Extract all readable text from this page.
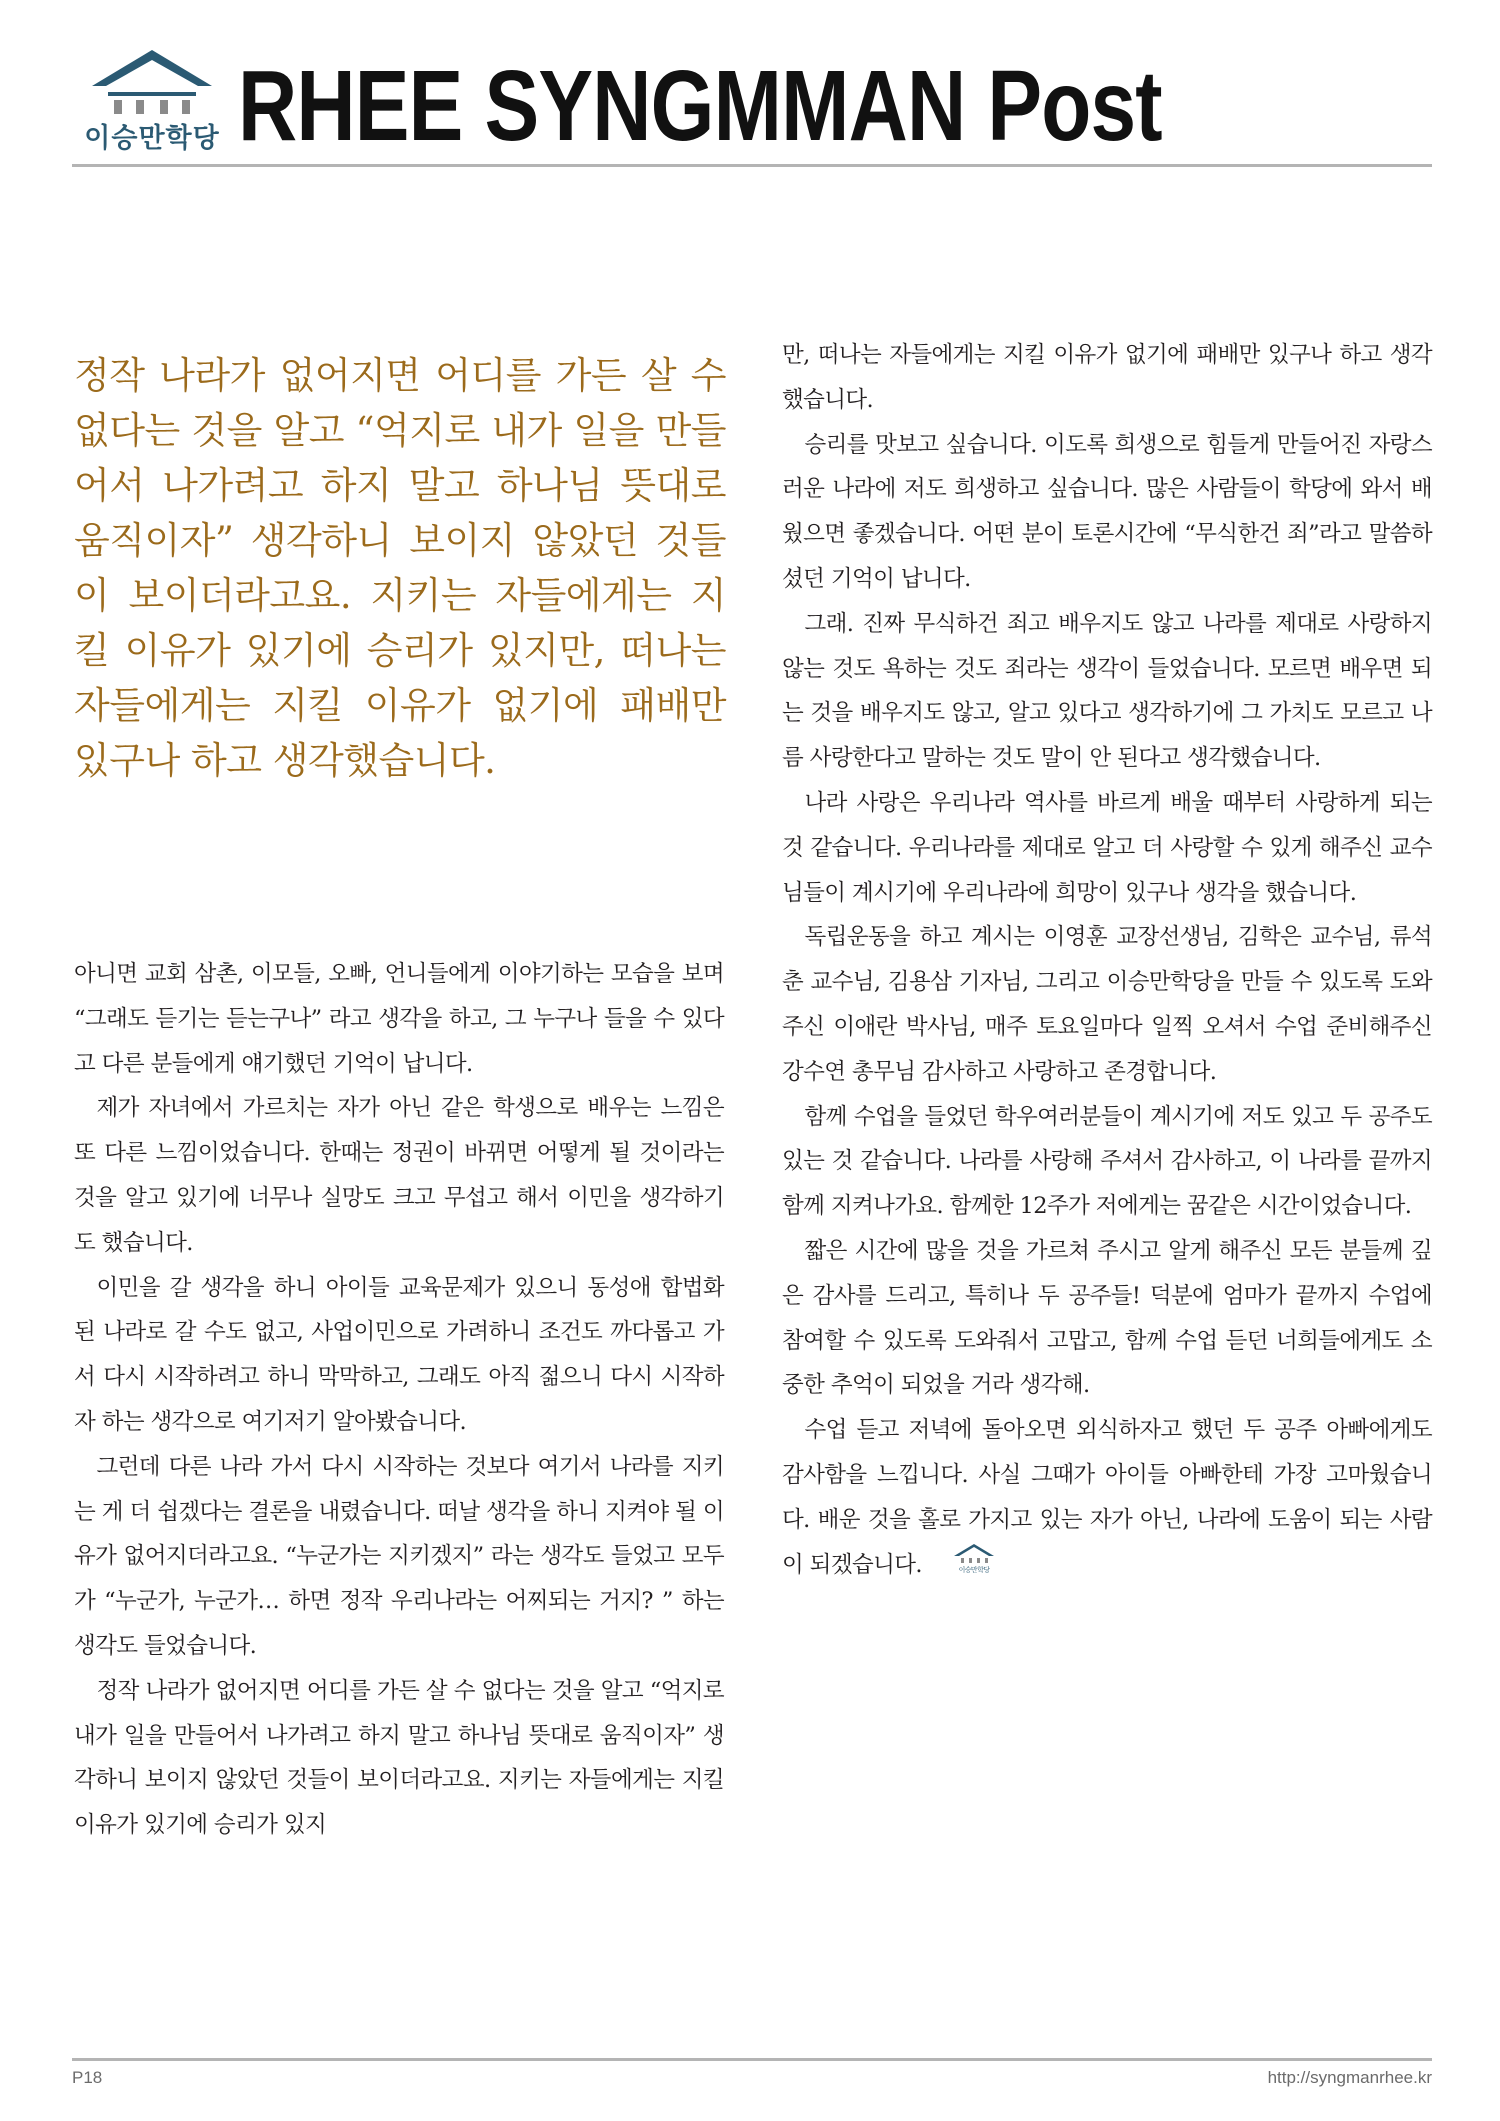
이승만학당 RHEE SYNGMMAN Post
정작 나라가 없어지면 어디를 가든 살 수 없다는 것을 알고 “억지로 내가 일을 만들어서 나가려고 하지 말고 하나님 뜻대로 움직이자” 생각하니 보이지 않았던 것들이 보이더라고요. 지키는 자들에게는 지킬 이유가 있기에 승리가 있지만, 떠나는 자들에게는 지킬 이유가 없기에 패배만 있구나 하고 생각했습니다.

아니면 교회 삼촌, 이모들, 오빠, 언니들에게 이야기하는 모습을 보며 “그래도 듣기는 듣는구나” 라고 생각을 하고, 그 누구나 들을 수 있다고 다른 분들에게 얘기했던 기억이 납니다.

제가 자녀에서 가르치는 자가 아닌 같은 학생으로 배우는 느낌은 또 다른 느낌이었습니다. 한때는 정권이 바뀌면 어떻게 될 것이라는 것을 알고 있기에 너무나 실망도 크고 무섭고 해서 이민을 생각하기도 했습니다.

이민을 갈 생각을 하니 아이들 교육문제가 있으니 동성애 합법화 된 나라로 갈 수도 없고, 사업이민으로 가려하니 조건도 까다롭고 가서 다시 시작하려고 하니 막막하고, 그래도 아직 젊으니 다시 시작하자 하는 생각으로 여기저기 알아봤습니다.

그런데 다른 나라 가서 다시 시작하는 것보다 여기서 나라를 지키는 게 더 쉽겠다는 결론을 내렸습니다. 떠날 생각을 하니 지켜야 될 이유가 없어지더라고요. “누군가는 지키겠지” 라는 생각도 들었고 모두가 “누군가, 누군가… 하면 정작 우리나라는 어찌되는 거지? ” 하는 생각도 들었습니다.

정작 나라가 없어지면 어디를 가든 살 수 없다는 것을 알고 “억지로 내가 일을 만들어서 나가려고 하지 말고 하나님 뜻대로 움직이자” 생각하니 보이지 않았던 것들이 보이더라고요. 지키는 자들에게는 지킬 이유가 있기에 승리가 있지

만, 떠나는 자들에게는 지킬 이유가 없기에 패배만 있구나 하고 생각했습니다.

승리를 맛보고 싶습니다. 이도록 희생으로 힘들게 만들어진 자랑스러운 나라에 저도 희생하고 싶습니다. 많은 사람들이 학당에 와서 배웠으면 좋겠습니다. 어떤 분이 토론시간에 “무식한건 죄”라고 말씀하셨던 기억이 납니다.

그래. 진짜 무식하건 죄고 배우지도 않고 나라를 제대로 사랑하지 않는 것도 욕하는 것도 죄라는 생각이 들었습니다. 모르면 배우면 되는 것을 배우지도 않고, 알고 있다고 생각하기에 그 가치도 모르고 나름 사랑한다고 말하는 것도 말이 안 된다고 생각했습니다.

나라 사랑은 우리나라 역사를 바르게 배울 때부터 사랑하게 되는 것 같습니다. 우리나라를 제대로 알고 더 사랑할 수 있게 해주신 교수님들이 계시기에 우리나라에 희망이 있구나 생각을 했습니다.

독립운동을 하고 계시는 이영훈 교장선생님, 김학은 교수님, 류석춘 교수님, 김용삼 기자님, 그리고 이승만학당을 만들 수 있도록 도와주신 이애란 박사님, 매주 토요일마다 일찍 오셔서 수업 준비해주신 강수연 총무님 감사하고 사랑하고 존경합니다.

함께 수업을 들었던 학우여러분들이 계시기에 저도 있고 두 공주도 있는 것 같습니다. 나라를 사랑해 주셔서 감사하고, 이 나라를 끝까지 함께 지켜나가요. 함께한 12주가 저에게는 꿈같은 시간이었습니다.

짧은 시간에 많을 것을 가르쳐 주시고 알게 해주신 모든 분들께 깊은 감사를 드리고, 특히나 두 공주들! 덕분에 엄마가 끝까지 수업에 참여할 수 있도록 도와줘서 고맙고, 함께 수업 듣던 너희들에게도 소중한 추억이 되었을 거라 생각해.

수업 듣고 저녁에 돌아오면 외식하자고 했던 두 공주 아빠에게도 감사함을 느낍니다. 사실 그때가 아이들 아빠한테 가장 고마웠습니다. 배운 것을 홀로 가지고 있는 자가 아닌, 나라에 도움이 되는 사람이 되겠습니다.	이승만학당

P18	http://syngmanrhee.kr
